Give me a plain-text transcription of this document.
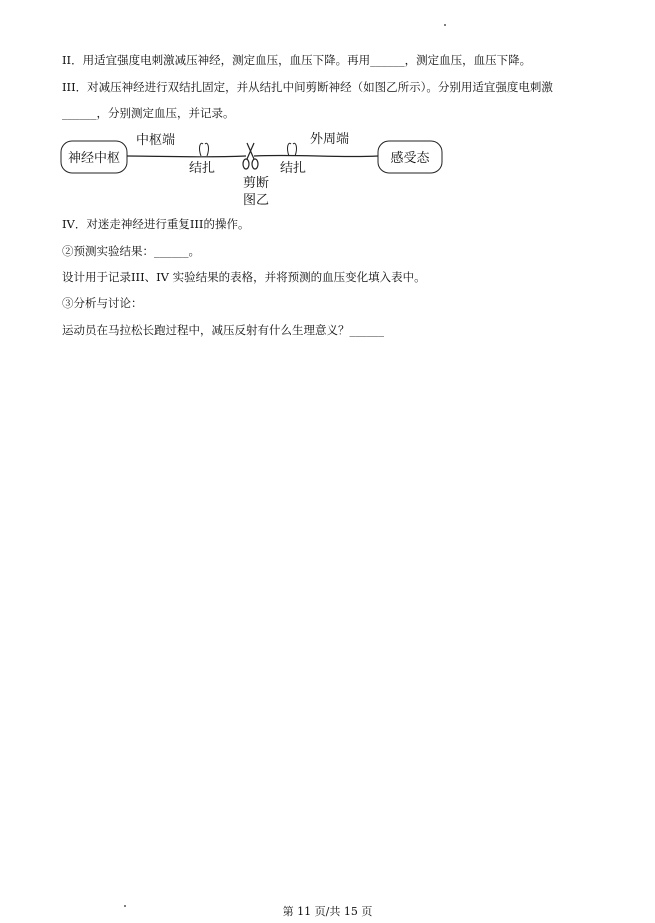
II．用适宜强度电刺激减压神经，测定血压，血压下降。再用______，测定血压，血压下降。
III．对减压神经进行双结扎固定，并从结扎中间剪断神经（如图乙所示）。分别用适宜强度电刺激
______，分别测定血压，并记录。
神经中枢	感受态
中枢端	外周端
结扎	结扎
剪断
图乙
IV．对迷走神经进行重复III的操作。
②预测实验结果：______。
设计用于记录III、IV 实验结果的表格，并将预测的血压变化填入表中。
③分析与讨论：
运动员在马拉松长跑过程中，减压反射有什么生理意义？______
第 11 页/共 15 页
